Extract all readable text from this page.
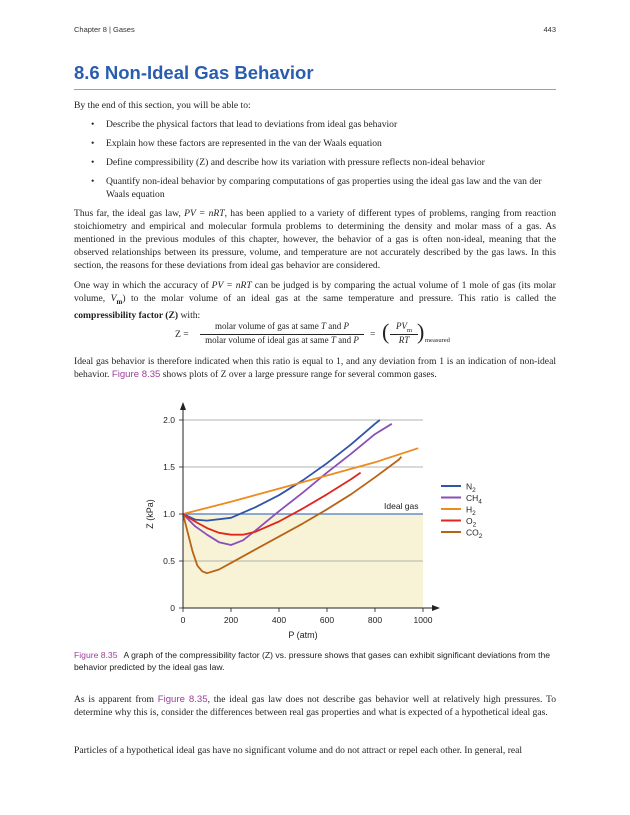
Chapter 8 | Gases	443
8.6 Non-Ideal Gas Behavior
By the end of this section, you will be able to:
• Describe the physical factors that lead to deviations from ideal gas behavior
• Explain how these factors are represented in the van der Waals equation
• Define compressibility (Z) and describe how its variation with pressure reflects non-ideal behavior
• Quantify non-ideal behavior by comparing computations of gas properties using the ideal gas law and the van der Waals equation
Thus far, the ideal gas law, PV = nRT, has been applied to a variety of different types of problems, ranging from reaction stoichiometry and empirical and molecular formula problems to determining the density and molar mass of a gas. As mentioned in the previous modules of this chapter, however, the behavior of a gas is often non-ideal, meaning that the observed relationships between its pressure, volume, and temperature are not accurately described by the gas laws. In this section, the reasons for these deviations from ideal gas behavior are considered.
One way in which the accuracy of PV = nRT can be judged is by comparing the actual volume of 1 mole of gas (its molar volume, $V_m$) to the molar volume of an ideal gas at the same temperature and pressure. This ratio is called the compressibility factor (Z) with:
Z =
molar volume of gas at same T and P
molar volume of ideal gas at same T and P	= ( $PV_m$
RT ) measured
Ideal gas behavior is therefore indicated when this ratio is equal to 1, and any deviation from 1 is an indication of non-ideal behavior. Figure 8.35 shows plots of Z over a large pressure range for several common gases.
Ideal gas
0	200	400	600	800	1000
0
0.5
1.0
1.5
2.0
P (atm)
Z (kPa)
$N_2$
$CH_4$
$H_2$
$O_2$
$CO_2$
Figure 8.35 A graph of the compressibility factor (Z) vs. pressure shows that gases can exhibit significant deviations from the behavior predicted by the ideal gas law.
As is apparent from Figure 8.35, the ideal gas law does not describe gas behavior well at relatively high pressures. To determine why this is, consider the differences between real gas properties and what is expected of a hypothetical ideal gas.
Particles of a hypothetical ideal gas have no significant volume and do not attract or repel each other. In general, real
